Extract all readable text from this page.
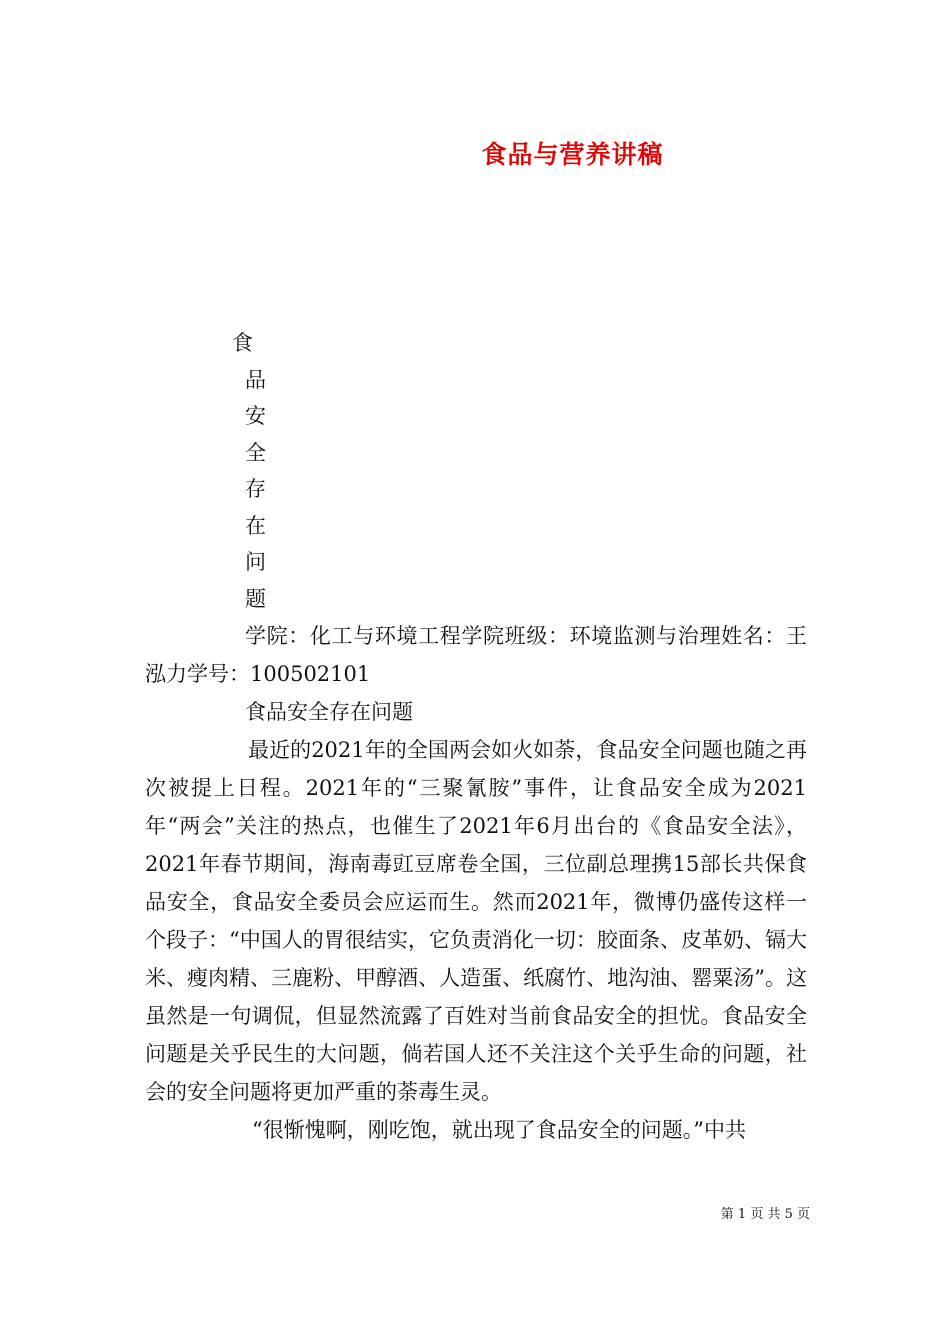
食品与营养讲稿
食
品
安
全
存
在
问
题

学院：化工与环境工程学院班级：环境监测与治理姓名：王泓力学号：100502101

食品安全存在问题

最近的2021年的全国两会如火如荼，食品安全问题也随之再次被提上日程。2021年的“三聚氰胺”事件，让食品安全成为2021年“两会”关注的热点，也催生了2021年6月出台的《食品安全法》，2021年春节期间，海南毒豇豆席卷全国，三位副总理携15部长共保食品安全，食品安全委员会应运而生。然而2021年，微博仍盛传这样一个段子：“中国人的胃很结实，它负责消化一切：胶面条、皮革奶、镉大米、瘦肉精、三鹿粉、甲醇酒、人造蛋、纸腐竹、地沟油、罂粟汤”。这虽然是一句调侃，但显然流露了百姓对当前食品安全的担忧。食品安全问题是关乎民生的大问题，倘若国人还不关注这个关乎生命的问题，社会的安全问题将更加严重的荼毒生灵。

“很惭愧啊，刚吃饱，就出现了食品安全的问题。”中共

第 1 页 共 5 页
